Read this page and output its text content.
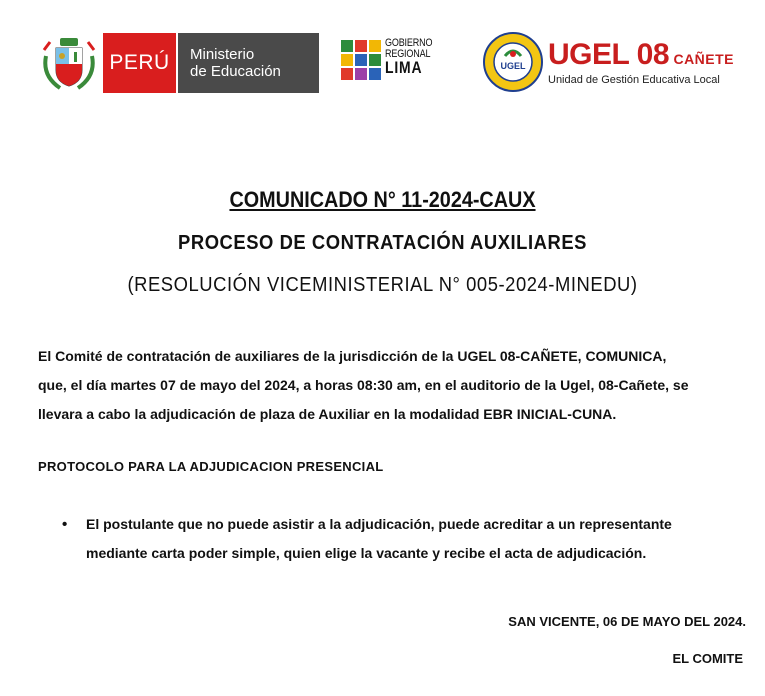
PERÚ Ministerio
de Educación
GOBIERNO
REGIONAL
LIMA	UGEL UGEL 08 CAÑETE
Unidad de Gestión Educativa Local
COMUNICADO N° 11-2024-CAUX
PROCESO DE CONTRATACIÓN AUXILIARES
(RESOLUCIÓN VICEMINISTERIAL N° 005-2024-MINEDU)
El Comité de contratación de auxiliares de la jurisdicción de la UGEL 08-CAÑETE, COMUNICA,
que, el día martes 07 de mayo del 2024, a horas 08:30 am, en el auditorio de la Ugel, 08-Cañete, se
llevara a cabo la adjudicación de plaza de Auxiliar en la modalidad EBR INICIAL-CUNA.
PROTOCOLO PARA LA ADJUDICACION PRESENCIAL
• El postulante que no puede asistir a la adjudicación, puede acreditar a un representante
mediante carta poder simple, quien elige la vacante y recibe el acta de adjudicación.
SAN VICENTE, 06 DE MAYO DEL 2024.
EL COMITE
